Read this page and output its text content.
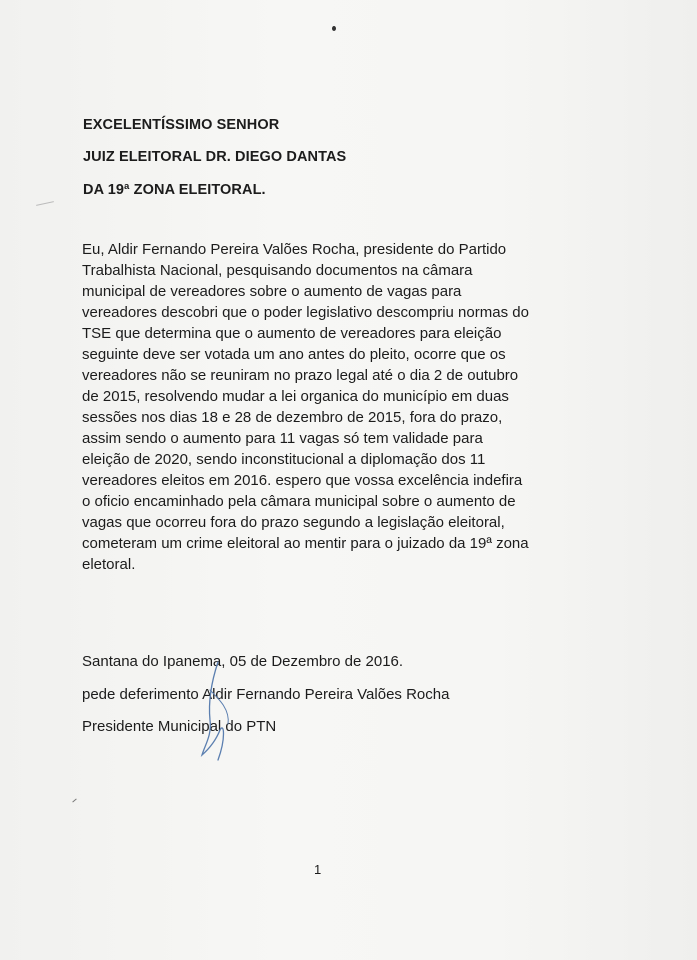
EXCELENTÍSSIMO SENHOR
JUIZ ELEITORAL DR. DIEGO DANTAS
DA 19ª ZONA ELEITORAL.
Eu, Aldir Fernando Pereira Valões Rocha, presidente do Partido
Trabalhista Nacional, pesquisando documentos na câmara
municipal de vereadores sobre o aumento de vagas para
vereadores descobri que o poder legislativo descompriu normas do
TSE que determina que o aumento de vereadores para eleição
seguinte deve ser votada um ano antes do pleito, ocorre que os
vereadores não se reuniram no prazo legal até o dia 2 de outubro
de 2015, resolvendo mudar a lei organica do município em duas
sessões nos dias 18 e 28 de dezembro de 2015, fora do prazo,
assim sendo o aumento para 11 vagas só tem validade para
eleição de 2020, sendo inconstitucional a diplomação dos 11
vereadores eleitos em 2016. espero que vossa excelência indefira
o oficio encaminhado pela câmara municipal sobre o aumento de
vagas que ocorreu fora do prazo segundo a legislação eleitoral,
cometeram um crime eleitoral ao mentir para o juizado da 19ª zona
eletoral.
Santana do Ipanema, 05 de Dezembro de 2016.
pede deferimento Aldir Fernando Pereira Valões Rocha
Presidente Municipal do PTN
1
